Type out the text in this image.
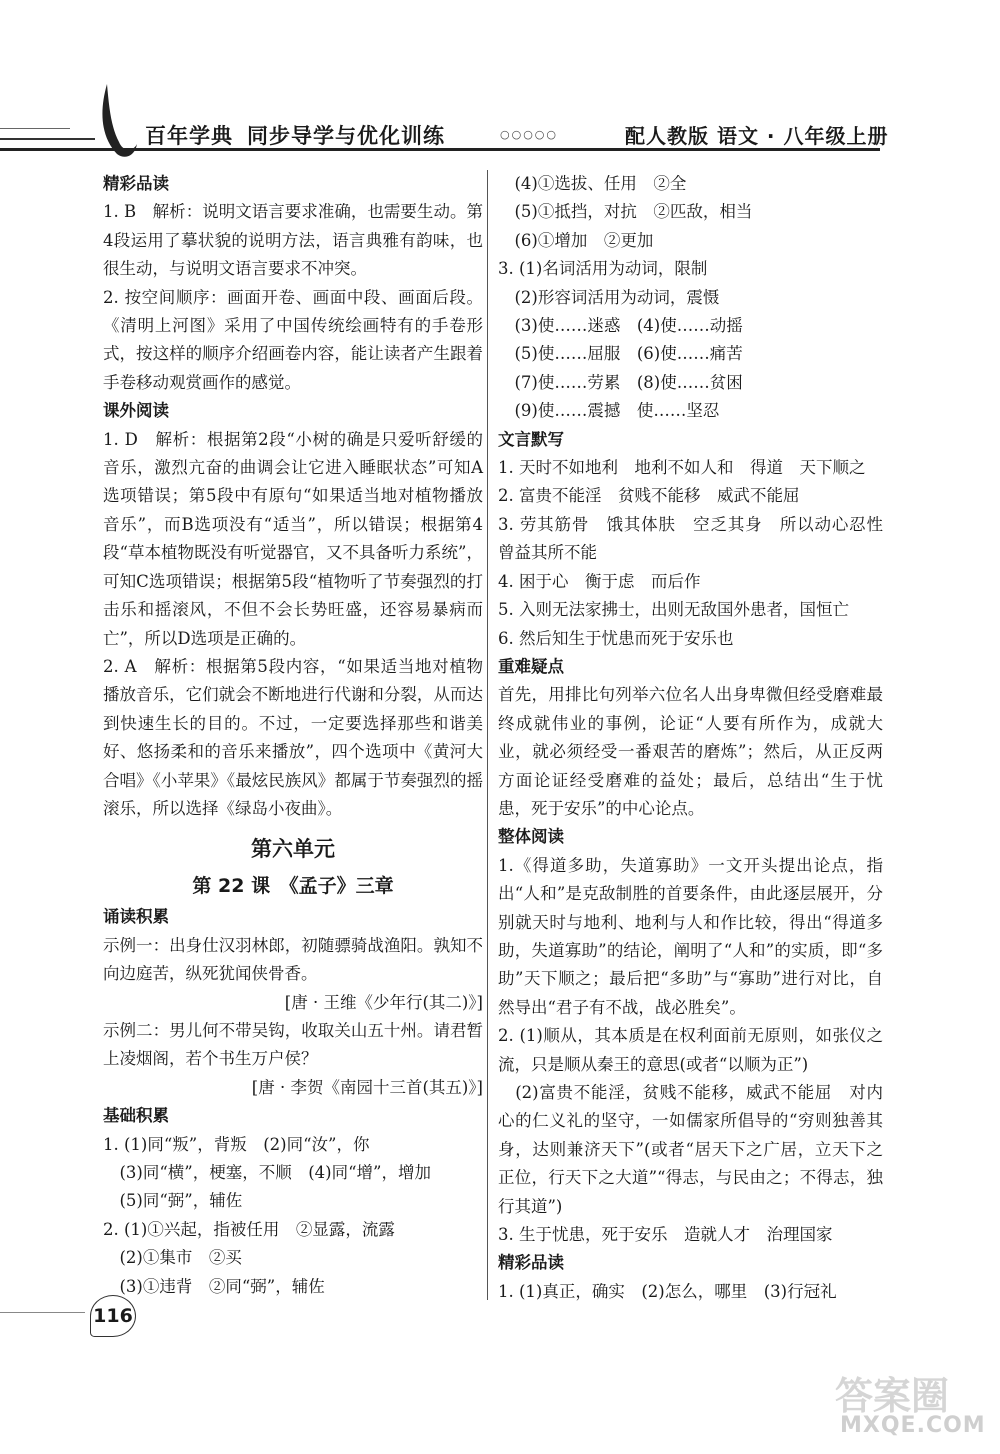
百年学典 同步导学与优化训练	○○○○○	配人教版 语文 · 八年级上册
精彩品读
1. B　解析：说明文语言要求准确，也需要生动。第4段运用了摹状貌的说明方法，语言典雅有韵味，也很生动，与说明文语言要求不冲突。
2. 按空间顺序：画面开卷、画面中段、画面后段。《清明上河图》采用了中国传统绘画特有的手卷形式，按这样的顺序介绍画卷内容，能让读者产生跟着手卷移动观赏画作的感觉。
课外阅读
1. D　解析：根据第2段“小树的确是只爱听舒缓的音乐，激烈亢奋的曲调会让它进入睡眠状态”可知A选项错误；第5段中有原句“如果适当地对植物播放音乐”，而B选项没有“适当”，所以错误；根据第4段“草本植物既没有听觉器官，又不具备听力系统”，可知C选项错误；根据第5段“植物听了节奏强烈的打击乐和摇滚风，不但不会长势旺盛，还容易暴病而亡”，所以D选项是正确的。
2. A　解析：根据第5段内容，“如果适当地对植物播放音乐，它们就会不断地进行代谢和分裂，从而达到快速生长的目的。不过，一定要选择那些和谐美好、悠扬柔和的音乐来播放”，四个选项中《黄河大合唱》《小苹果》《最炫民族风》都属于节奏强烈的摇滚乐，所以选择《绿岛小夜曲》。
第六单元
第 22 课　《孟子》三章
诵读积累
示例一：出身仕汉羽林郎，初随骠骑战渔阳。孰知不向边庭苦，纵死犹闻侠骨香。
[唐 · 王维《少年行(其二)》]
示例二：男儿何不带吴钩，收取关山五十州。请君暂上凌烟阁，若个书生万户侯？
[唐 · 李贺《南园十三首(其五)》]
基础积累
1. (1)同“叛”，背叛　(2)同“汝”，你
　(3)同“横”，梗塞，不顺　(4)同“增”，增加
　(5)同“弼”，辅佐
2. (1)①兴起，指被任用　②显露，流露
　(2)①集市　②买
　(3)①违背　②同“弼”，辅佐
　(4)①选拔、任用　②全
　(5)①抵挡，对抗　②匹敌，相当
　(6)①增加　②更加
3. (1)名词活用为动词，限制
　(2)形容词活用为动词，震慑
　(3)使……迷惑　(4)使……动摇
　(5)使……屈服　(6)使……痛苦
　(7)使……劳累　(8)使……贫困
　(9)使……震撼　使……坚忍
文言默写
1. 天时不如地利　地利不如人和　得道　天下顺之
2. 富贵不能淫　贫贱不能移　威武不能屈
3. 劳其筋骨　饿其体肤　空乏其身　所以动心忍性　曾益其所不能
4. 困于心　衡于虑　而后作
5. 入则无法家拂士，出则无敌国外患者，国恒亡
6. 然后知生于忧患而死于安乐也
重难疑点
首先，用排比句列举六位名人出身卑微但经受磨难最终成就伟业的事例，论证“人要有所作为，成就大业，就必须经受一番艰苦的磨炼”；然后，从正反两方面论证经受磨难的益处；最后，总结出“生于忧患，死于安乐”的中心论点。
整体阅读
1.《得道多助，失道寡助》一文开头提出论点，指出“人和”是克敌制胜的首要条件，由此逐层展开，分别就天时与地利、地利与人和作比较，得出“得道多助，失道寡助”的结论，阐明了“人和”的实质，即“多助”天下顺之；最后把“多助”与“寡助”进行对比，自然导出“君子有不战，战必胜矣”。
2. (1)顺从，其本质是在权利面前无原则，如张仪之流，只是顺从秦王的意思(或者“以顺为正”)
　(2)富贵不能淫，贫贱不能移，威武不能屈　对内心的仁义礼的坚守，一如儒家所倡导的“穷则独善其身，达则兼济天下”(或者“居天下之广居，立天下之正位，行天下之大道”“得志，与民由之；不得志，独行其道”)
3. 生于忧患，死于安乐　造就人才　治理国家
精彩品读
1. (1)真正，确实　(2)怎么，哪里　(3)行冠礼
116
答案圈
MXQE.COM
